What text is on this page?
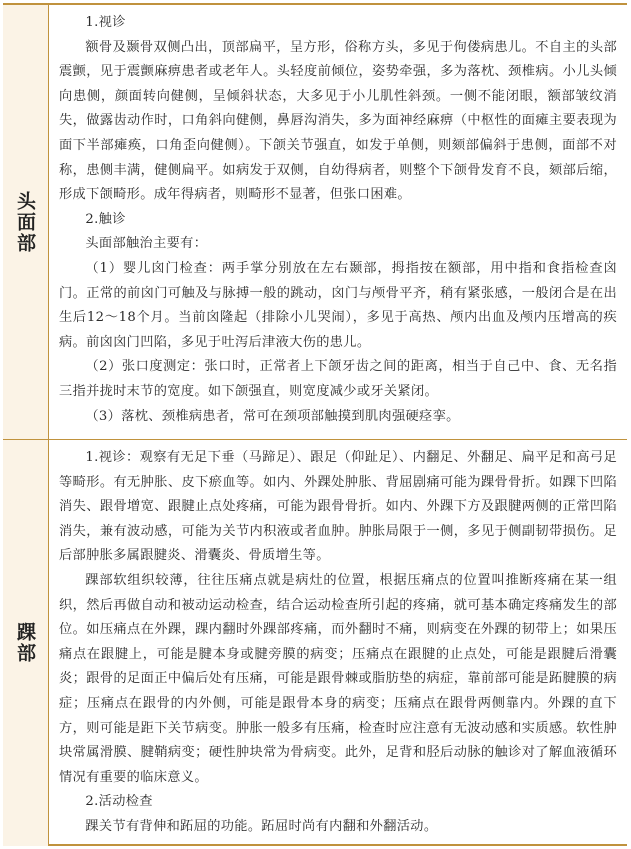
头面部

1.视诊

额骨及颞骨双侧凸出，顶部扁平，呈方形，俗称方头，多见于佝偻病患儿。不自主的头部震颤，见于震颤麻痹患者或老年人。头轻度前倾位，姿势牵强，多为落枕、颈椎病。小儿头倾向患侧，颜面转向健侧，呈倾斜状态，大多见于小儿肌性斜颈。一侧不能闭眼，额部皱纹消失，做露齿动作时，口角斜向健侧，鼻唇沟消失，多为面神经麻痹（中枢性的面瘫主要表现为面下半部瘫痪，口角歪向健侧）。下颌关节强直，如发于单侧，则颏部偏斜于患侧，面部不对称，患侧丰满，健侧扁平。如病发于双侧，自幼得病者，则整个下颌骨发育不良，颏部后缩，形成下颌畸形。成年得病者，则畸形不显著，但张口困难。

2.触诊

头面部触治主要有：

（1）婴儿囟门检查：两手掌分别放在左右颞部，拇指按在额部，用中指和食指检查囟门。正常的前囟门可触及与脉搏一般的跳动，囟门与颅骨平齐，稍有紧张感，一般闭合是在出生后12～18个月。当前囟隆起（排除小儿哭闹），多见于高热、颅内出血及颅内压增高的疾病。前囟囟门凹陷，多见于吐泻后津液大伤的患儿。

（2）张口度测定：张口时，正常者上下颌牙齿之间的距离，相当于自己中、食、无名指三指并拢时末节的宽度。如下颌强直，则宽度减少或牙关紧闭。

（3）落枕、颈椎病患者，常可在颈项部触摸到肌肉强硬痉挛。

踝部

1.视诊：观察有无足下垂（马蹄足）、跟足（仰趾足）、内翻足、外翻足、扁平足和高弓足等畸形。有无肿胀、皮下瘀血等。如内、外踝处肿胀、背屈剧痛可能为踝骨骨折。如踝下凹陷消失、跟骨增宽、跟腱止点处疼痛，可能为跟骨骨折。如内、外踝下方及跟腱两侧的正常凹陷消失，兼有波动感，可能为关节内积液或者血肿。肿胀局限于一侧，多见于侧副韧带损伤。足后部肿胀多属跟腱炎、滑囊炎、骨质增生等。

踝部软组织较薄，往往压痛点就是病灶的位置，根据压痛点的位置叫推断疼痛在某一组织，然后再做自动和被动运动检查，结合运动检查所引起的疼痛，就可基本确定疼痛发生的部位。如压痛点在外踝，踝内翻时外踝部疼痛，而外翻时不痛，则病变在外踝的韧带上；如果压痛点在跟腱上，可能是腱本身或腱旁膜的病变；压痛点在跟腱的止点处，可能是跟腱后滑囊炎；跟骨的足面正中偏后处有压痛，可能是跟骨棘或脂肪垫的病症，靠前部可能是跖腱膜的病症；压痛点在跟骨的内外侧，可能是跟骨本身的病变；压痛点在跟骨两侧靠内。外踝的直下方，则可能是距下关节病变。肿胀一般多有压痛，检查时应注意有无波动感和实质感。软性肿块常属滑膜、腱鞘病变；硬性肿块常为骨病变。此外，足背和胫后动脉的触诊对了解血液循环情况有重要的临床意义。

2.活动检查

踝关节有背伸和跖屈的功能。跖屈时尚有内翻和外翻活动。
